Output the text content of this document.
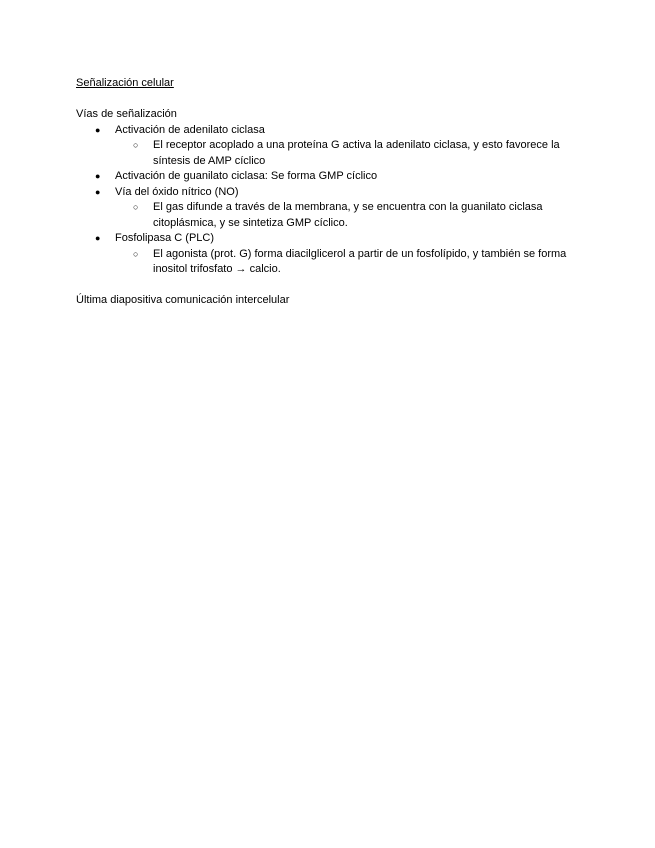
Señalización celular

Vías de señalización

● Activación de adenilato ciclasa
○ El receptor acoplado a una proteína G activa la adenilato ciclasa, y esto favorece la síntesis de AMP cíclico
● Activación de guanilato ciclasa: Se forma GMP cíclico
● Vía del óxido nítrico (NO)
○ El gas difunde a través de la membrana, y se encuentra con la guanilato ciclasa citoplásmica, y se sintetiza GMP cíclico.
● Fosfolipasa C (PLC)
○ El agonista (prot. G) forma diacilglicerol a partir de un fosfolípido, y también se forma inositol trifosfato → calcio.

Última diapositiva comunicación intercelular
